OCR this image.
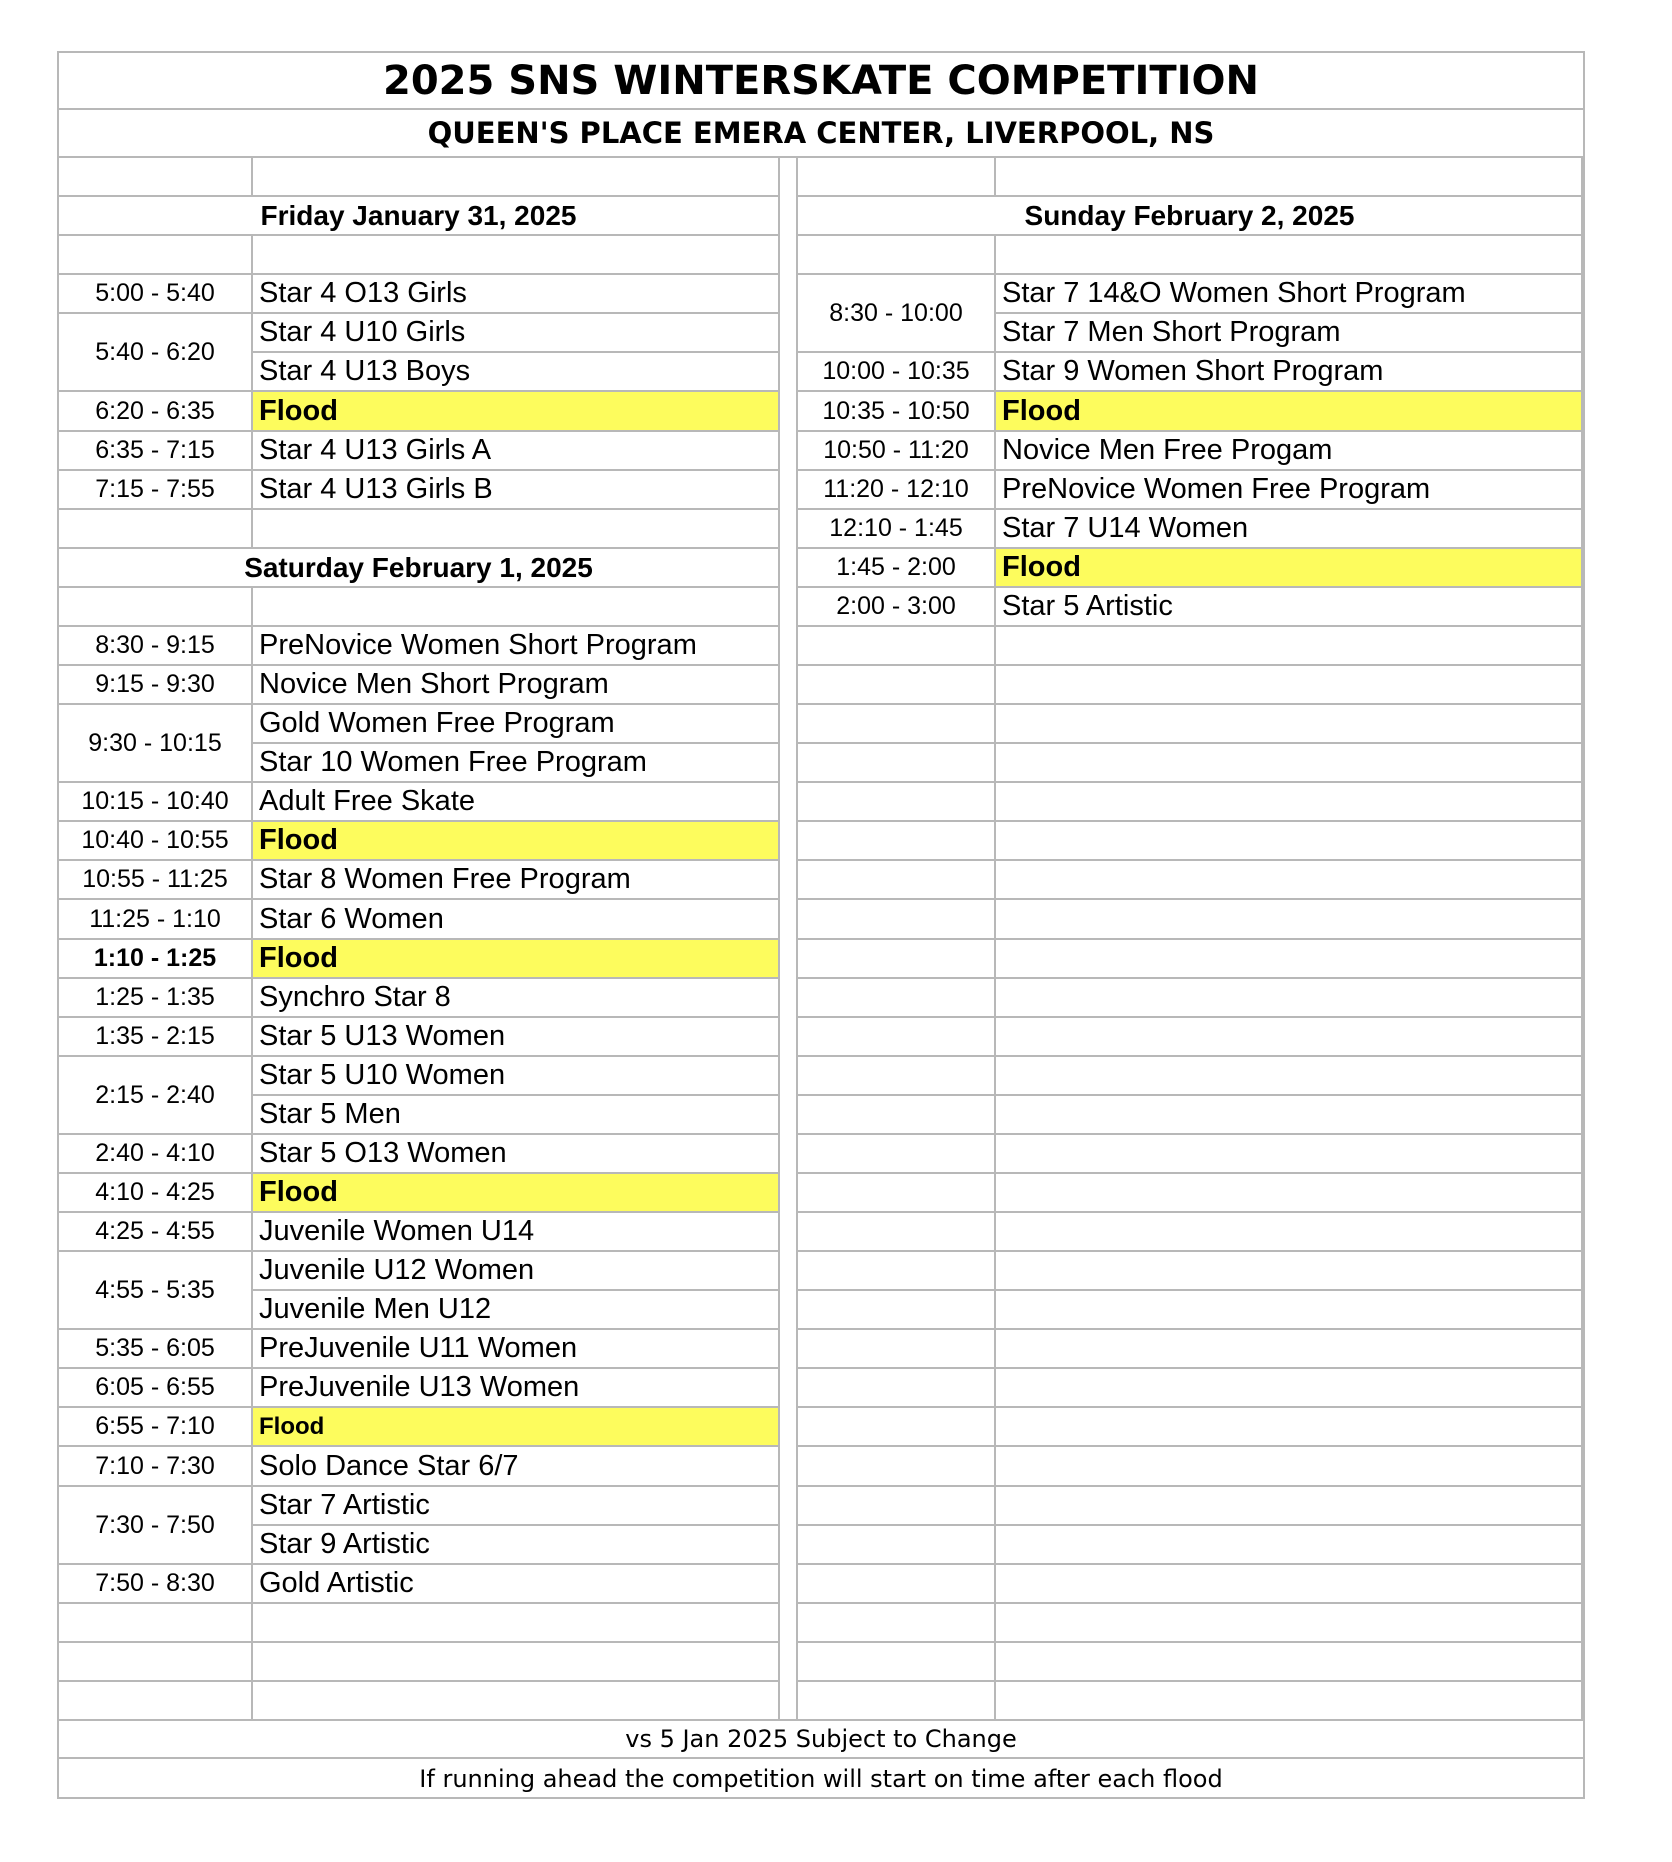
2025 SNS WINTERSKATE COMPETITION
QUEEN'S PLACE EMERA CENTER, LIVERPOOL, NS
Friday January 31, 2025
5:00 - 5:40	Star 4 O13 Girls
5:40 - 6:20
Star 4 U10 Girls
Star 4 U13 Boys
6:20 - 6:35	Flood
6:35 - 7:15	Star 4 U13 Girls A
7:15 - 7:55	Star 4 U13 Girls B
Saturday February 1, 2025
8:30 - 9:15	PreNovice Women Short Program
9:15 - 9:30	Novice Men Short Program
9:30 - 10:15
Gold Women Free Program
Star 10 Women Free Program
10:15 - 10:40	Adult Free Skate
10:40 - 10:55	Flood
10:55 - 11:25	Star 8 Women Free Program
11:25 - 1:10	Star 6 Women
1:10 - 1:25	Flood
1:25 - 1:35	Synchro Star 8
1:35 - 2:15	Star 5 U13 Women
2:15 - 2:40
Star 5 U10 Women
Star 5 Men
2:40 - 4:10	Star 5 O13 Women
4:10 - 4:25	Flood
4:25 - 4:55	Juvenile Women U14
4:55 - 5:35
Juvenile U12 Women
Juvenile Men U12
5:35 - 6:05	PreJuvenile U11 Women
6:05 - 6:55	PreJuvenile U13 Women
6:55 - 7:10	Flood
7:10 - 7:30	Solo Dance Star 6/7
7:30 - 7:50
Star 7 Artistic
Star 9 Artistic
7:50 - 8:30	Gold Artistic
Sunday February 2, 2025
8:30 - 10:00
Star 7 14&O Women Short Program
Star 7 Men Short Program
10:00 - 10:35	Star 9 Women Short Program
10:35 - 10:50	Flood
10:50 - 11:20	Novice Men Free Progam
11:20 - 12:10	PreNovice Women Free Program
12:10 - 1:45	Star 7 U14 Women
1:45 - 2:00	Flood
2:00 - 3:00	Star 5 Artistic
vs 5 Jan 2025 Subject to Change
If running ahead the competition will start on time after each flood
